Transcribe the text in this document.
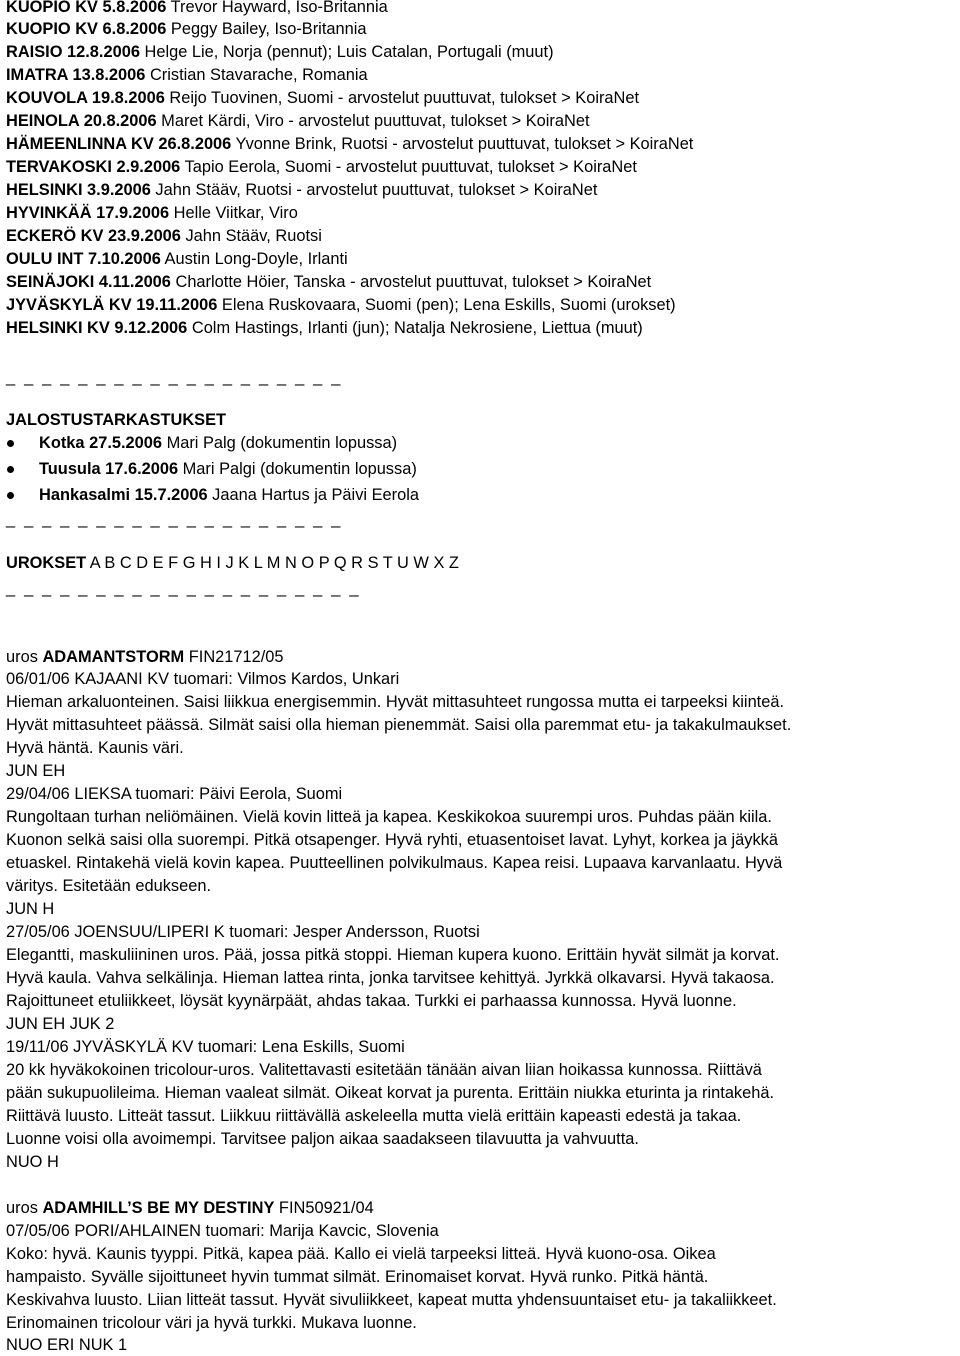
KUOPIO KV 5.8.2006 Trevor Hayward, Iso-Britannia
KUOPIO KV 6.8.2006 Peggy Bailey, Iso-Britannia
RAISIO 12.8.2006 Helge Lie, Norja (pennut); Luis Catalan, Portugali (muut)
IMATRA 13.8.2006 Cristian Stavarache, Romania
KOUVOLA 19.8.2006 Reijo Tuovinen, Suomi - arvostelut puuttuvat, tulokset > KoiraNet
HEINOLA 20.8.2006 Maret Kärdi, Viro - arvostelut puuttuvat, tulokset > KoiraNet
HÄMEENLINNA KV 26.8.2006 Yvonne Brink, Ruotsi - arvostelut puuttuvat, tulokset > KoiraNet
TERVAKOSKI 2.9.2006 Tapio Eerola, Suomi - arvostelut puuttuvat, tulokset > KoiraNet
HELSINKI 3.9.2006 Jahn Stääv, Ruotsi - arvostelut puuttuvat, tulokset > KoiraNet
HYVINKÄÄ 17.9.2006 Helle Viitkar, Viro
ECKERÖ KV 23.9.2006 Jahn Stääv, Ruotsi
OULU INT 7.10.2006 Austin Long-Doyle, Irlanti
SEINÄJOKI 4.11.2006 Charlotte Höier, Tanska - arvostelut puuttuvat, tulokset > KoiraNet
JYVÄSKYLÄ KV 19.11.2006 Elena Ruskovaara, Suomi (pen); Lena Eskills, Suomi (urokset)
HELSINKI KV 9.12.2006 Colm Hastings, Irlanti (jun); Natalja Nekrosiene, Liettua (muut)
_ _ _ _ _ _ _ _ _ _ _ _ _ _ _ _ _ _ _
JALOSTUSTARKASTUKSET
Kotka 27.5.2006 Mari Palg (dokumentin lopussa)
Tuusula 17.6.2006 Mari Palgi (dokumentin lopussa)
Hankasalmi 15.7.2006 Jaana Hartus ja Päivi Eerola
_ _ _ _ _ _ _ _ _ _ _ _ _ _ _ _ _ _ _
UROKSET A B C D E F G H I J K L M N O P Q R S T U W X Z
_ _ _ _ _ _ _ _ _ _ _ _ _ _ _ _ _ _ _ _
uros ADAMANTSTORM FIN21712/05
06/01/06 KAJAANI KV tuomari: Vilmos Kardos, Unkari
Hieman arkaluonteinen. Saisi liikkua energisemmin. Hyvät mittasuhteet rungossa mutta ei tarpeeksi kiinteä.
Hyvät mittasuhteet päässä. Silmät saisi olla hieman pienemmät. Saisi olla paremmat etu- ja takakulmaukset.
Hyvä häntä. Kaunis väri.
JUN EH
29/04/06 LIEKSA tuomari: Päivi Eerola, Suomi
Rungoltaan turhan neliömäinen. Vielä kovin litteä ja kapea. Keskikokoa suurempi uros. Puhdas pään kiila.
Kuonon selkä saisi olla suorempi. Pitkä otsapenger. Hyvä ryhti, etuasentoiset lavat. Lyhyt, korkea ja jäykkä
etuaskel. Rintakehä vielä kovin kapea. Puutteellinen polvikulmaus. Kapea reisi. Lupaava karvanlaatu. Hyvä
väritys. Esitetään edukseen.
JUN H
27/05/06 JOENSUU/LIPERI K tuomari: Jesper Andersson, Ruotsi
Elegantti, maskuliininen uros. Pää, jossa pitkä stoppi. Hieman kupera kuono. Erittäin hyvät silmät ja korvat.
Hyvä kaula. Vahva selkälinja. Hieman lattea rinta, jonka tarvitsee kehittyä. Jyrkkä olkavarsi. Hyvä takaosa.
Rajoittuneet etuliikkeet, löysät kyynärpäät, ahdas takaa. Turkki ei parhaassa kunnossa. Hyvä luonne.
JUN EH JUK 2
19/11/06 JYVÄSKYLÄ KV tuomari: Lena Eskills, Suomi
20 kk hyväkokoinen tricolour-uros. Valitettavasti esitetään tänään aivan liian hoikassa kunnossa. Riittävä
pään sukupuolileima. Hieman vaaleat silmät. Oikeat korvat ja purenta. Erittäin niukka eturinta ja rintakehä.
Riittävä luusto. Litteät tassut. Liikkuu riittävällä askeleella mutta vielä erittäin kapeasti edestä ja takaa.
Luonne voisi olla avoimempi. Tarvitsee paljon aikaa saadakseen tilavuutta ja vahvuutta.
NUO H
uros ADAMHILL’S BE MY DESTINY FIN50921/04
07/05/06 PORI/AHLAINEN tuomari: Marija Kavcic, Slovenia
Koko: hyvä. Kaunis tyyppi. Pitkä, kapea pää. Kallo ei vielä tarpeeksi litteä. Hyvä kuono-osa. Oikea
hampaisto. Syvälle sijoittuneet hyvin tummat silmät. Erinomaiset korvat. Hyvä runko. Pitkä häntä.
Keskivahva luusto. Liian litteät tassut. Hyvät sivuliikkeet, kapeat mutta yhdensuuntaiset etu- ja takaliikkeet.
Erinomainen tricolour väri ja hyvä turkki. Mukava luonne.
NUO ERI NUK 1
